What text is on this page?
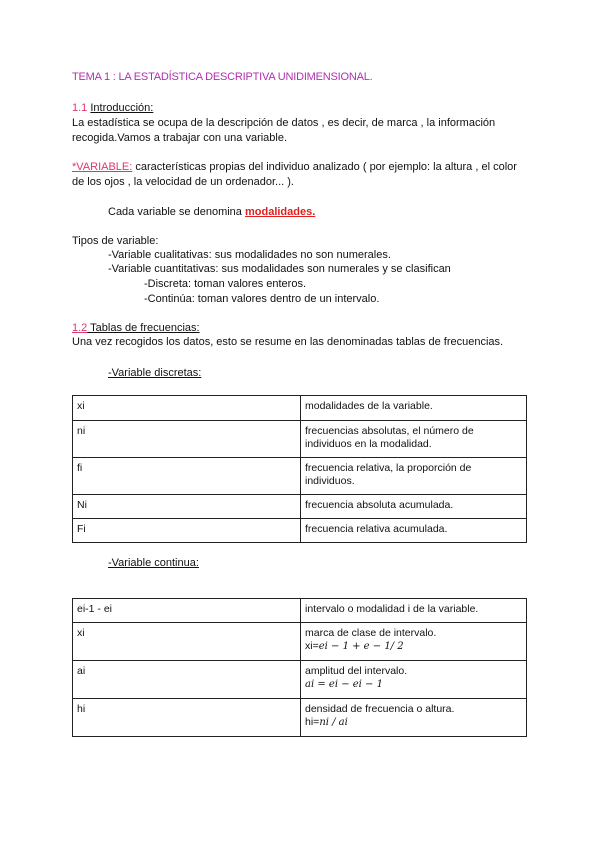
TEMA 1 : LA ESTADÍSTICA DESCRIPTIVA UNIDIMENSIONAL.
1.1 Introducción:
La estadística se ocupa de la descripción de datos , es decir, de marca , la información
recogida.Vamos a trabajar con una variable.
*VARIABLE: características propias del individuo analizado ( por ejemplo: la altura , el color
de los ojos , la velocidad de un ordenador... ).
Cada variable se denomina modalidades.
Tipos de variable:
-Variable cualitativas: sus modalidades no son numerales.
-Variable cuantitativas: sus modalidades son numerales y se clasifican
-Discreta: toman valores enteros.
-Continúa: toman valores dentro de un intervalo.
1.2 Tablas de frecuencias:
Una vez recogidos los datos, esto se resume en las denominadas tablas de frecuencias.
-Variable discretas:
xi	modalidades de la variable.

ni	frecuencias absolutas, el número de
individuos en la modalidad.

fi	frecuencia relativa, la proporción de
individuos.

Ni	frecuencia absoluta acumulada.

Fi	frecuencia relativa acumulada.
-Variable continua:
ei-1 - ei	intervalo o modalidad i de la variable.

xi	marca de clase de intervalo.
xi=ei − 1 + e − 1/ 2

ai	amplitud del intervalo.
ai = ei − ei − 1

hi	densidad de frecuencia o altura.
hi=ni / ai
